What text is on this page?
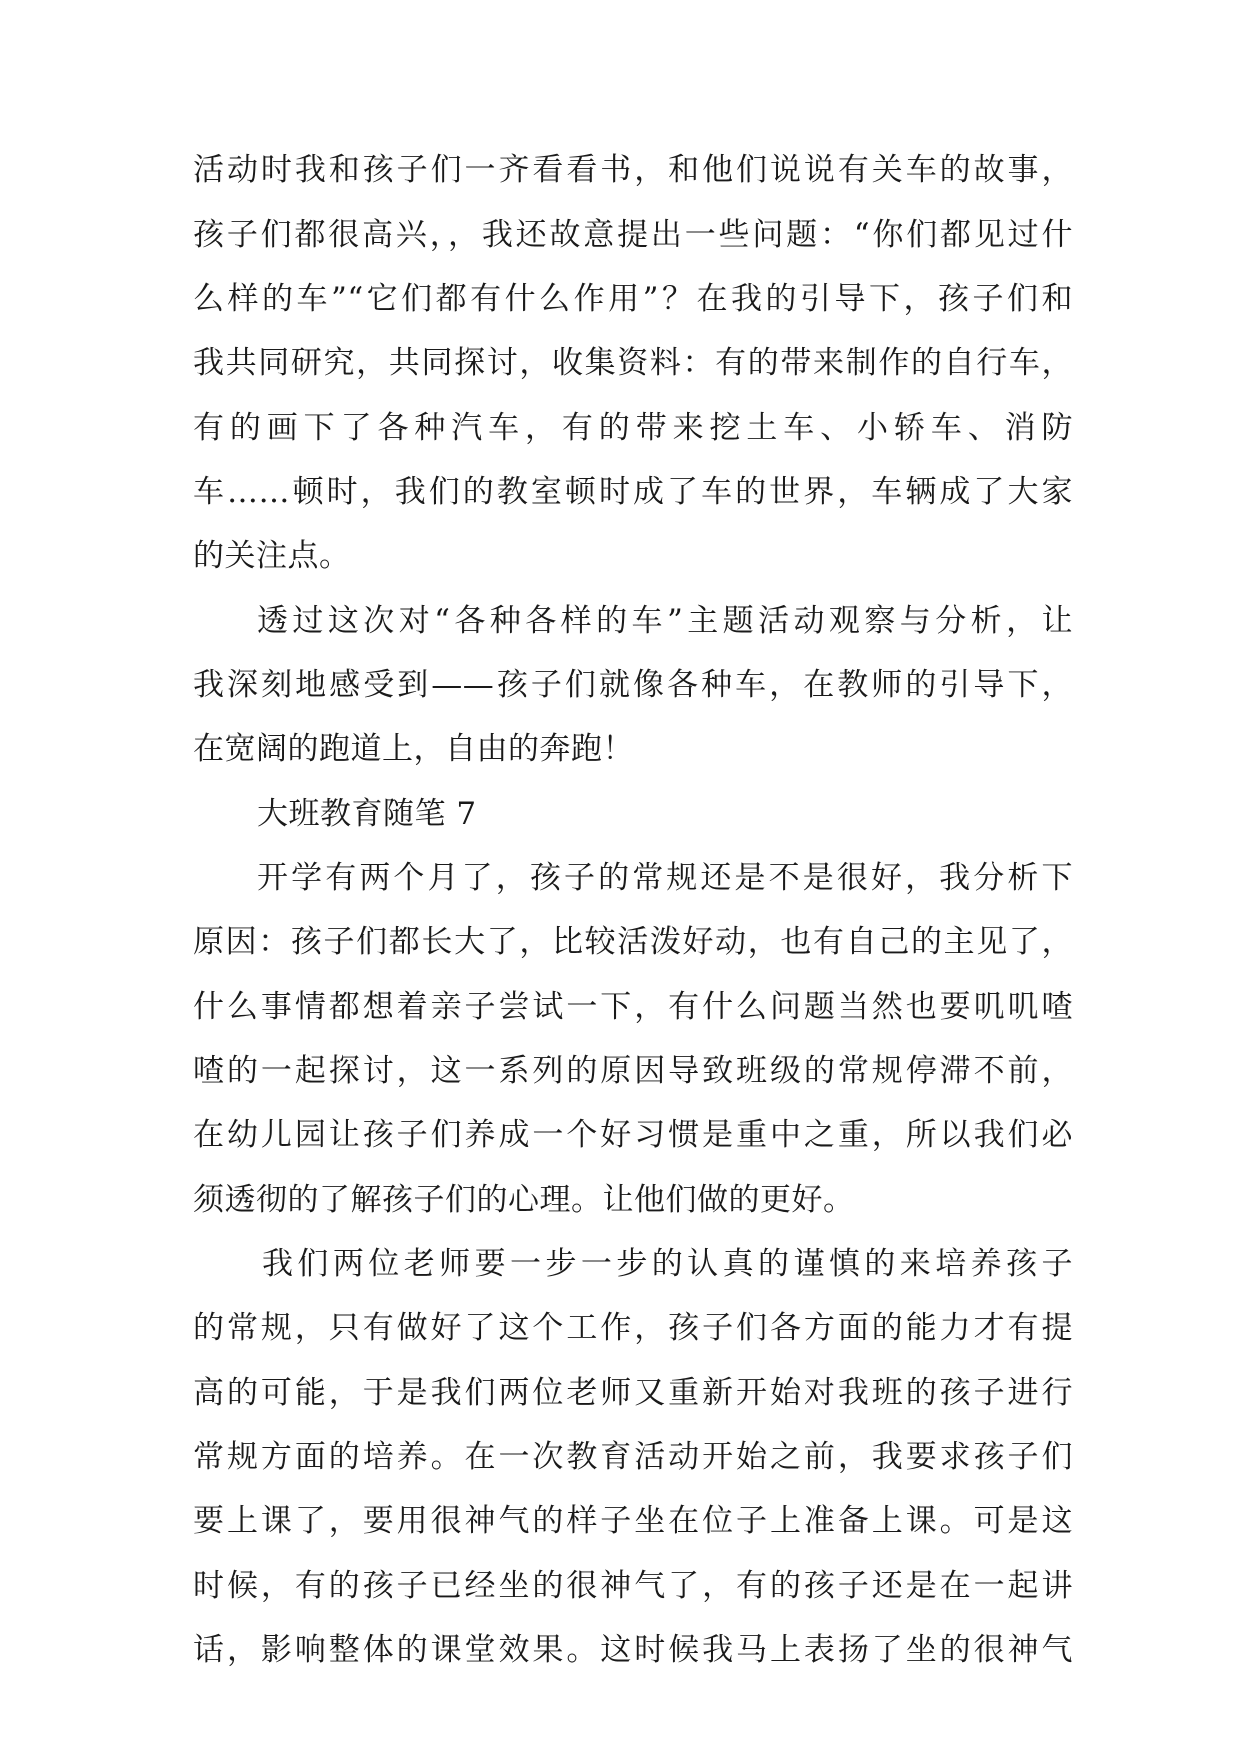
活动时我和孩子们一齐看看书，和他们说说有关车的故事，
孩子们都很高兴，，我还故意提出一些问题：“你们都见过什
么样的车”“它们都有什么作用”？在我的引导下，孩子们和
我共同研究，共同探讨，收集资料：有的带来制作的自行车，
有的画下了各种汽车，有的带来挖土车、小轿车、消防
车……顿时，我们的教室顿时成了车的世界，车辆成了大家
的关注点。
透过这次对“各种各样的车”主题活动观察与分析，让
我深刻地感受到——孩子们就像各种车，在教师的引导下，
在宽阔的跑道上，自由的奔跑！
大班教育随笔 7
开学有两个月了，孩子的常规还是不是很好，我分析下
原因：孩子们都长大了，比较活泼好动，也有自己的主见了，
什么事情都想着亲子尝试一下，有什么问题当然也要叽叽喳
喳的一起探讨，这一系列的原因导致班级的常规停滞不前，
在幼儿园让孩子们养成一个好习惯是重中之重，所以我们必
须透彻的了解孩子们的心理。让他们做的更好。
我们两位老师要一步一步的认真的谨慎的来培养孩子
的常规，只有做好了这个工作，孩子们各方面的能力才有提
高的可能，于是我们两位老师又重新开始对我班的孩子进行
常规方面的培养。在一次教育活动开始之前，我要求孩子们
要上课了，要用很神气的样子坐在位子上准备上课。可是这
时候，有的孩子已经坐的很神气了，有的孩子还是在一起讲
话，影响整体的课堂效果。这时候我马上表扬了坐的很神气
